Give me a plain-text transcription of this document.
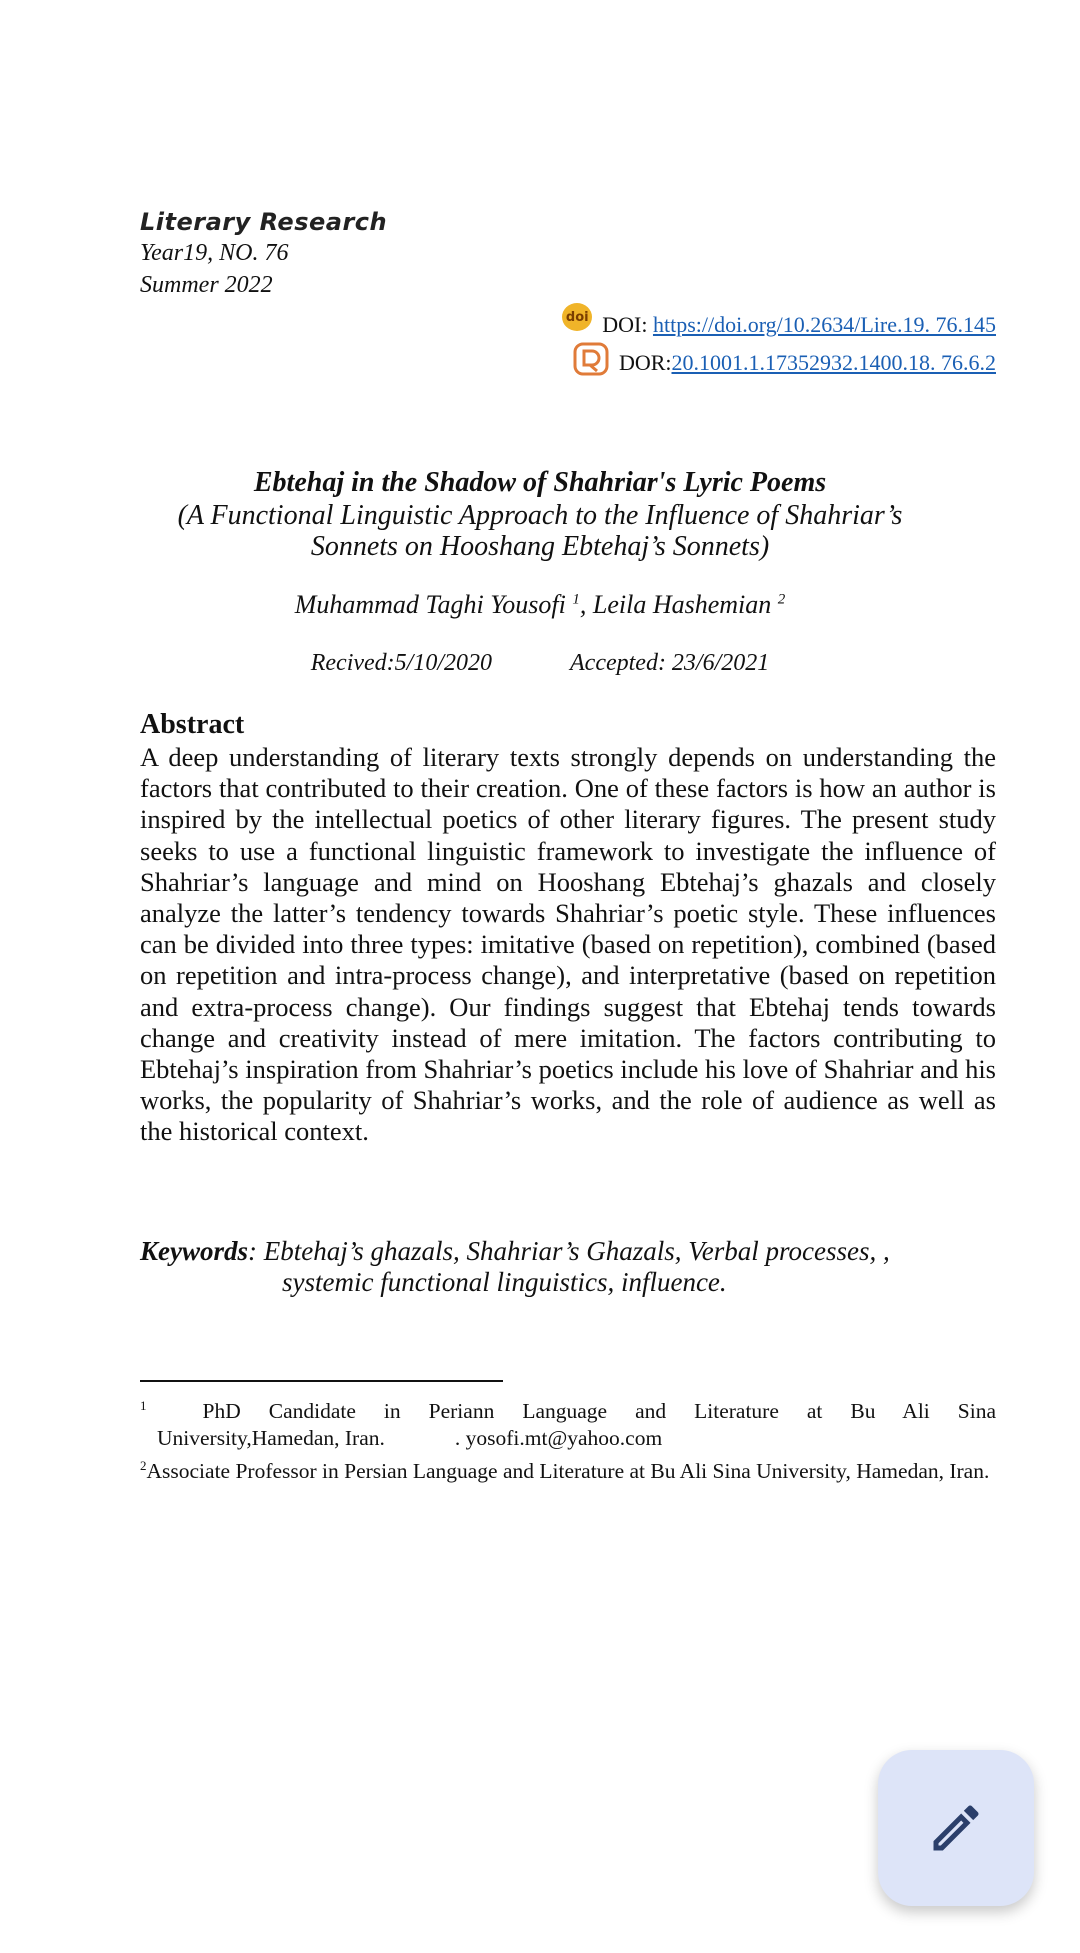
Literary Research
Year19, NO. 76
Summer 2022
doi DOI:
https://doi.org/10.2634/Lire.19. 76.145
DOR: 20.1001.1.17352932.1400.18. 76.6.2
Ebtehaj in the Shadow of Shahriar's Lyric Poems
(A Functional Linguistic Approach to the Influence of Shahriar’s
Sonnets on Hooshang Ebtehaj’s Sonnets)
Muhammad Taghi Yousofi $^1$, Leila Hashemian $^2$
Recived:5/10/2020	Accepted: 23/6/2021
Abstract

A deep understanding of literary texts strongly depends on understanding the factors that contributed to their creation. One of these factors is how an author is inspired by the intellectual poetics of other literary figures. The present study seeks to use a functional linguistic framework to investigate the influence of Shahriar’s language and mind on Hooshang Ebtehaj’s ghazals and closely analyze the latter’s tendency towards Shahriar’s poetic style. These influences can be divided into three types: imitative (based on repetition), combined (based on repetition and intra-process change), and interpretative (based on repetition and extra-process change). Our findings suggest that Ebtehaj tends towards change and creativity instead of mere imitation. The factors contributing to Ebtehaj’s inspiration from Shahriar’s poetics include his love of Shahriar and his works, the popularity of Shahriar’s works, and the role of audience as well as the historical context.

Keywords: Ebtehaj’s ghazals, Shahriar’s Ghazals, Verbal processes, ,
systemic functional linguistics, influence.
$^1$	PhD Candidate in Periann Language and Literature at Bu Ali Sina
University,Hamedan, Iran.	. yosofi.mt@yahoo.com
$^2$Associate Professor in Persian Language and Literature at Bu Ali Sina University, Hamedan, Iran.
